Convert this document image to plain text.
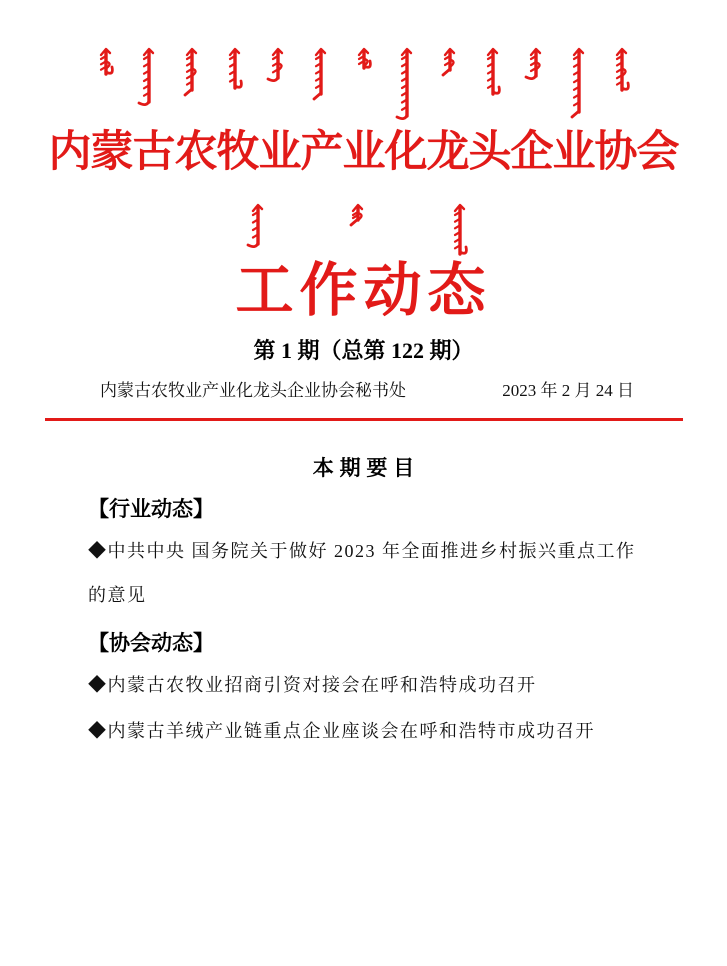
内蒙古农牧业产业化龙头企业协会
工作动态
第 1 期（总第 122 期）
内蒙古农牧业产业化龙头企业协会秘书处	2023 年 2 月 24 日
本 期 要 目
【行业动态】

◆中共中央 国务院关于做好 2023 年全面推进乡村振兴重点工作的意见

【协会动态】

◆内蒙古农牧业招商引资对接会在呼和浩特成功召开

◆内蒙古羊绒产业链重点企业座谈会在呼和浩特市成功召开
